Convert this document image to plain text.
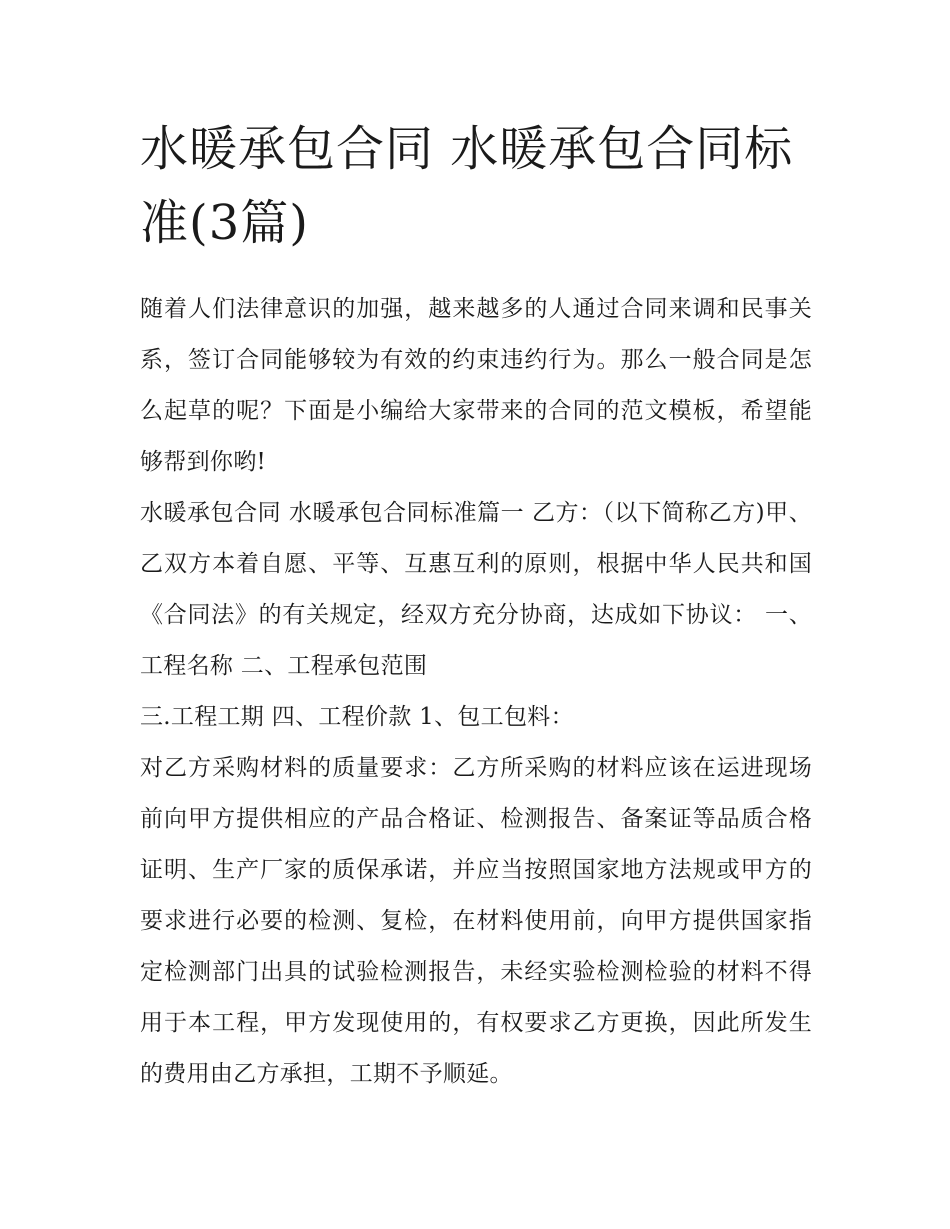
水暖承包合同 水暖承包合同标准(3篇)

随着人们法律意识的加强，越来越多的人通过合同来调和民事关系，签订合同能够较为有效的约束违约行为。那么一般合同是怎么起草的呢？下面是小编给大家带来的合同的范文模板，希望能够帮到你哟!

水暖承包合同 水暖承包合同标准篇一 乙方：（以下简称乙方)甲、乙双方本着自愿、平等、互惠互利的原则，根据中华人民共和国《合同法》的有关规定，经双方充分协商，达成如下协议： 一、工程名称 二、工程承包范围

三.工程工期 四、工程价款 1、包工包料：

对乙方采购材料的质量要求：乙方所采购的材料应该在运进现场前向甲方提供相应的产品合格证、检测报告、备案证等品质合格证明、生产厂家的质保承诺，并应当按照国家地方法规或甲方的要求进行必要的检测、复检，在材料使用前，向甲方提供国家指定检测部门出具的试验检测报告，未经实验检测检验的材料不得用于本工程，甲方发现使用的，有权要求乙方更换，因此所发生的费用由乙方承担，工期不予顺延。
